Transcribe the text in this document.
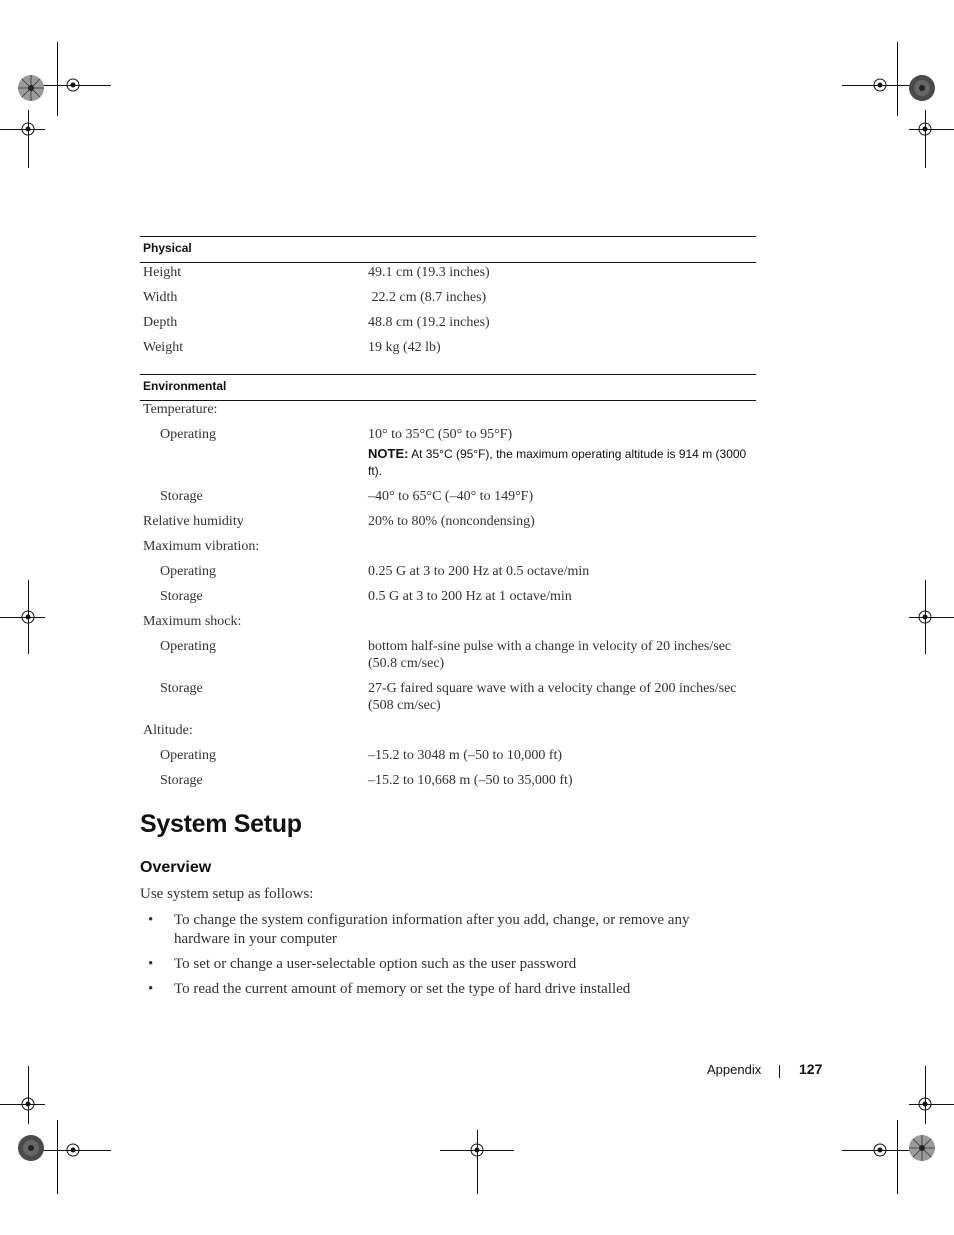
Physical
Height	49.1 cm (19.3 inches)
Width	22.2 cm (8.7 inches)
Depth	48.8 cm (19.2 inches)
Weight	19 kg (42 lb)
Environmental
Temperature:
Operating	10° to 35°C (50° to 95°F)
NOTE: At 35°C (95°F), the maximum operating altitude is 914 m (3000 ft).
Storage	–40° to 65°C (–40° to 149°F)
Relative humidity	20% to 80% (noncondensing)
Maximum vibration:
Operating	0.25 G at 3 to 200 Hz at 0.5 octave/min
Storage	0.5 G at 3 to 200 Hz at 1 octave/min
Maximum shock:
Operating	bottom half-sine pulse with a change in velocity of 20 inches/sec (50.8 cm/sec)
Storage	27-G faired square wave with a velocity change of 200 inches/sec (508 cm/sec)
Altitude:
Operating	–15.2 to 3048 m (–50 to 10,000 ft)
Storage	–15.2 to 10,668 m (–50 to 35,000 ft)
System Setup
Overview
Use system setup as follows:
• To change the system configuration information after you add, change, or remove any hardware in your computer
• To set or change a user-selectable option such as the user password
• To read the current amount of memory or set the type of hard drive installed
Appendix	127
